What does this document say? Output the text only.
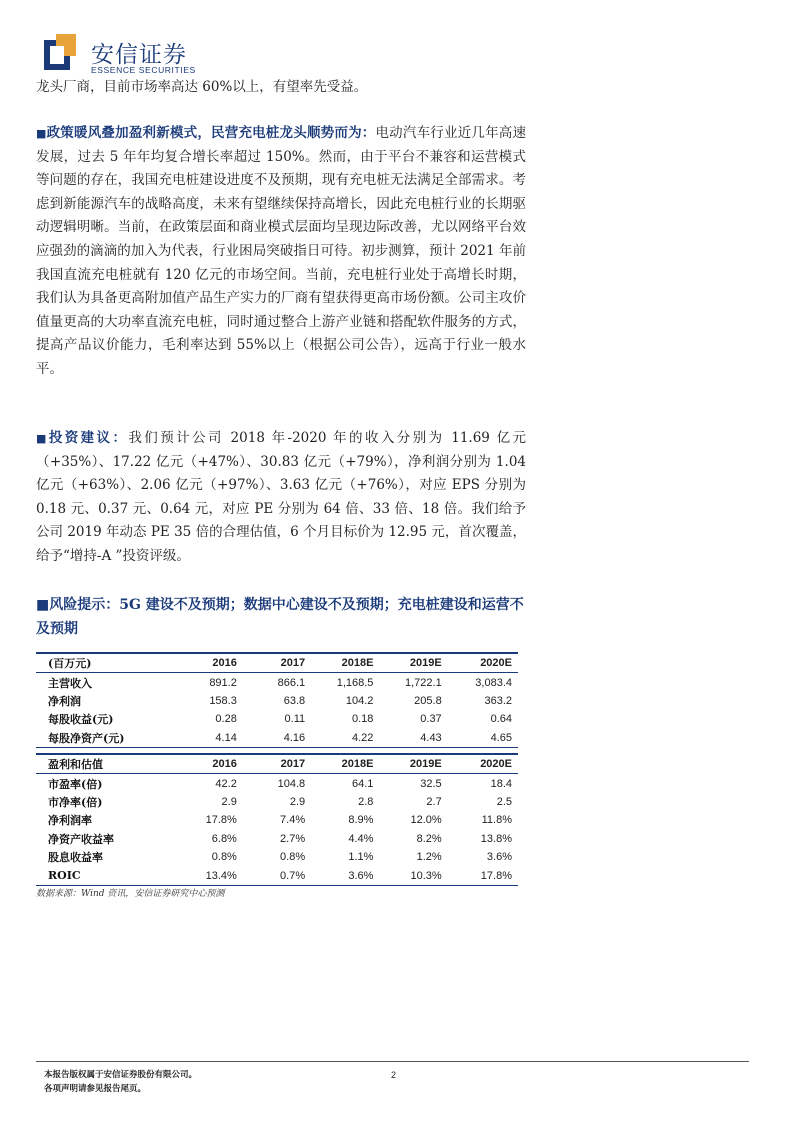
安信证券
ESSENCE SECURITIES
龙头厂商，目前市场率高达 60%以上，有望率先受益。
■政策暖风叠加盈利新模式，民营充电桩龙头顺势而为：电动汽车行业近几年高速发展，过去 5 年年均复合增长率超过 150%。然而，由于平台不兼容和运营模式等问题的存在，我国充电桩建设进度不及预期，现有充电桩无法满足全部需求。考虑到新能源汽车的战略高度，未来有望继续保持高增长，因此充电桩行业的长期驱动逻辑明晰。当前，在政策层面和商业模式层面均呈现边际改善，尤以网络平台效应强劲的滴滴的加入为代表，行业困局突破指日可待。初步测算，预计 2021 年前我国直流充电桩就有 120 亿元的市场空间。当前，充电桩行业处于高增长时期，我们认为具备更高附加值产品生产实力的厂商有望获得更高市场份额。公司主攻价值量更高的大功率直流充电桩，同时通过整合上游产业链和搭配软件服务的方式，提高产品议价能力，毛利率达到 55%以上（根据公司公告），远高于行业一般水平。
■投资建议：我们预计公司 2018 年-2020 年的收入分别为 11.69 亿元（+35%）、17.22 亿元（+47%）、30.83 亿元（+79%），净利润分别为 1.04 亿元（+63%）、2.06 亿元（+97%）、3.63 亿元（+76%），对应 EPS 分别为 0.18 元、0.37 元、0.64 元，对应 PE 分别为 64 倍、33 倍、18 倍。我们给予公司 2019 年动态 PE 35 倍的合理估值，6 个月目标价为 12.95 元，首次覆盖，给予“增持-A ”投资评级。
■风险提示：5G 建设不及预期；数据中心建设不及预期；充电桩建设和运营不及预期
(百万元)	2016	2017	2018E	2019E	2020E
主营收入	891.2	866.1	1,168.5	1,722.1	3,083.4
净利润	158.3	63.8	104.2	205.8	363.2
每股收益(元)	0.28	0.11	0.18	0.37	0.64
每股净资产(元)	4.14	4.16	4.22	4.43	4.65
盈利和估值	2016	2017	2018E	2019E	2020E
市盈率(倍)	42.2	104.8	64.1	32.5	18.4
市净率(倍)	2.9	2.9	2.8	2.7	2.5
净利润率	17.8%	7.4%	8.9%	12.0%	11.8%
净资产收益率	6.8%	2.7%	4.4%	8.2%	13.8%
股息收益率	0.8%	0.8%	1.1%	1.2%	3.6%
ROIC	13.4%	0.7%	3.6%	10.3%	17.8%
数据来源：Wind 资讯，安信证券研究中心预测
本报告版权属于安信证券股份有限公司。
各项声明请参见报告尾页。
2
